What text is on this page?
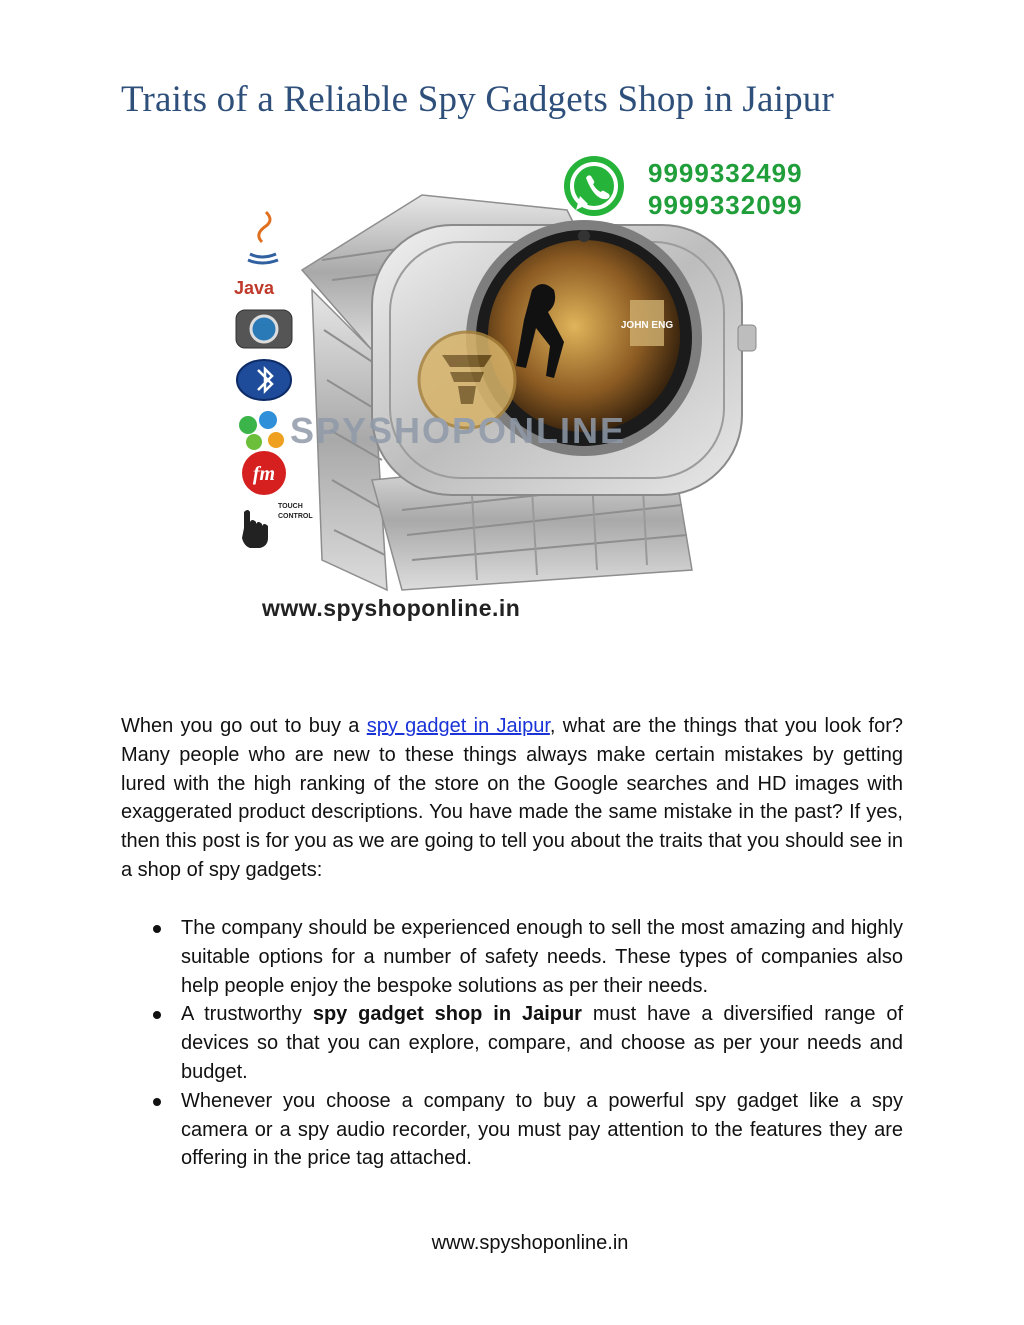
Traits of a Reliable Spy Gadgets Shop in Jaipur
9999332499
9999332099
JOHN ENG
SPYSHOPONLINE
Java
fm
TOUCH
CONTROL
www.spyshoponline.in

When you go out to buy a spy gadget in Jaipur, what are the things that you look for? Many people who are new to these things always make certain mistakes by getting lured with the high ranking of the store on the Google searches and HD images with exaggerated product descriptions. You have made the same mistake in the past? If yes, then this post is for you as we are going to tell you about the traits that you should see in a shop of spy gadgets:

The company should be experienced enough to sell the most amazing and highly suitable options for a number of safety needs. These types of companies also help people enjoy the bespoke solutions as per their needs.
A trustworthy spy gadget shop in Jaipur must have a diversified range of devices so that you can explore, compare, and choose as per your needs and budget.
Whenever you choose a company to buy a powerful spy gadget like a spy camera or a spy audio recorder, you must pay attention to the features they are offering in the price tag attached.
www.spyshoponline.in
